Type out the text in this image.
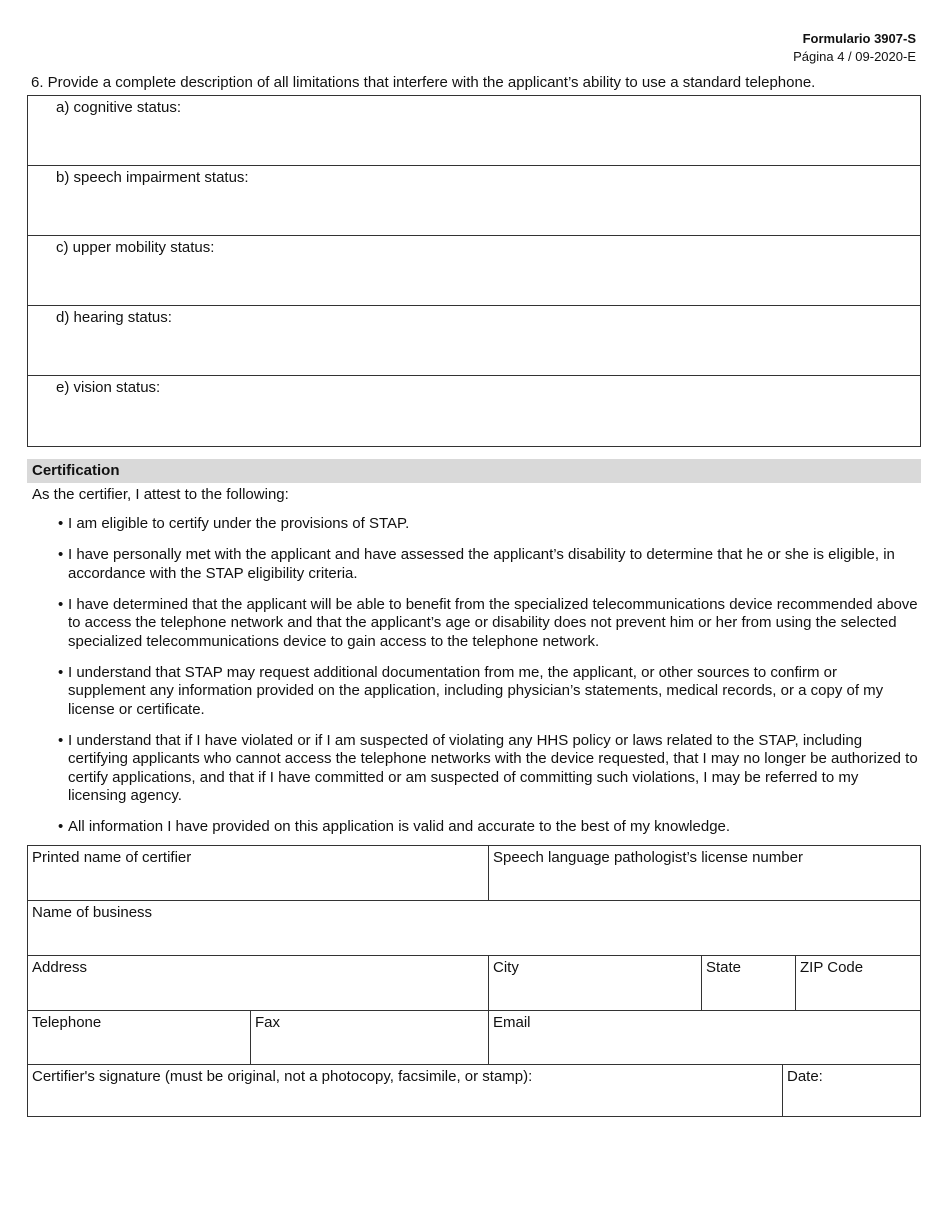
Formulario 3907-S
Página 4 / 09-2020-E
6. Provide a complete description of all limitations that interfere with the applicant’s ability to use a standard telephone.
a) cognitive status:
b) speech impairment status:
c) upper mobility status:
d) hearing status:
e) vision status:
Certification
As the certifier, I attest to the following:
• I am eligible to certify under the provisions of STAP.
• I have personally met with the applicant and have assessed the applicant’s disability to determine that he or she is eligible, in accordance with the STAP eligibility criteria.
• I have determined that the applicant will be able to benefit from the specialized telecommunications device recommended above to access the telephone network and that the applicant’s age or disability does not prevent him or her from using the selected specialized telecommunications device to gain access to the telephone network.
• I understand that STAP may request additional documentation from me, the applicant, or other sources to confirm or supplement any information provided on the application, including physician’s statements, medical records, or a copy of my license or certificate.
• I understand that if I have violated or if I am suspected of violating any HHS policy or laws related to the STAP, including certifying applicants who cannot access the telephone networks with the device requested, that I may no longer be authorized to certify applications, and that if I have committed or am suspected of committing such violations, I may be referred to my licensing agency.
• All information I have provided on this application is valid and accurate to the best of my knowledge.
Printed name of certifier	Speech language pathologist’s license number
Name of business
Address	City	State	ZIP Code
Telephone	Fax	Email
Certifier's signature (must be original, not a photocopy, facsimile, or stamp):	Date:
